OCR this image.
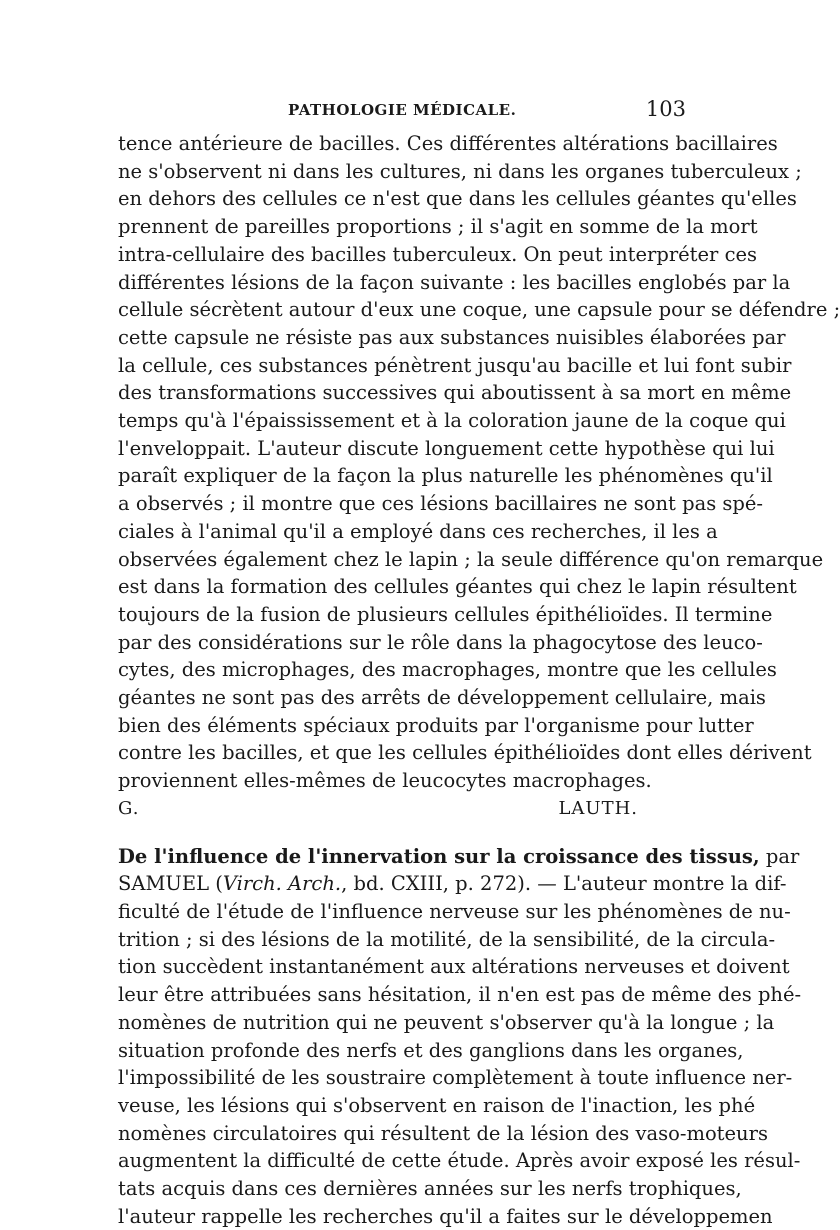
PATHOLOGIE MÉDICALE.	103
tence antérieure de bacilles. Ces différentes altérations bacillaires
ne s'observent ni dans les cultures, ni dans les organes tuberculeux ;
en dehors des cellules ce n'est que dans les cellules géantes qu'elles
prennent de pareilles proportions ; il s'agit en somme de la mort
intra-cellulaire des bacilles tuberculeux. On peut interpréter ces
différentes lésions de la façon suivante : les bacilles englobés par la
cellule sécrètent autour d'eux une coque, une capsule pour se défendre ;
cette capsule ne résiste pas aux substances nuisibles élaborées par
la cellule, ces substances pénètrent jusqu'au bacille et lui font subir
des transformations successives qui aboutissent à sa mort en même
temps qu'à l'épaississement et à la coloration jaune de la coque qui
l'enveloppait. L'auteur discute longuement cette hypothèse qui lui
paraît expliquer de la façon la plus naturelle les phénomènes qu'il
a observés ; il montre que ces lésions bacillaires ne sont pas spé-
ciales à l'animal qu'il a employé dans ces recherches, il les a
observées également chez le lapin ; la seule différence qu'on remarque
est dans la formation des cellules géantes qui chez le lapin résultent
toujours de la fusion de plusieurs cellules épithélioïdes. Il termine
par des considérations sur le rôle dans la phagocytose des leuco-
cytes, des microphages, des macrophages, montre que les cellules
géantes ne sont pas des arrêts de développement cellulaire, mais
bien des éléments spéciaux produits par l'organisme pour lutter
contre les bacilles, et que les cellules épithélioïdes dont elles dérivent
proviennent elles-mêmes de leucocytes macrophages.
G. LAUTH.
De l'influence de l'innervation sur la croissance des tissus, par
SAMUEL (Virch. Arch., bd. CXIII, p. 272). — L'auteur montre la dif-
ficulté de l'étude de l'influence nerveuse sur les phénomènes de nu-
trition ; si des lésions de la motilité, de la sensibilité, de la circula-
tion succèdent instantanément aux altérations nerveuses et doivent
leur être attribuées sans hésitation, il n'en est pas de même des phé-
nomènes de nutrition qui ne peuvent s'observer qu'à la longue ; la
situation profonde des nerfs et des ganglions dans les organes,
l'impossibilité de les soustraire complètement à toute influence ner-
veuse, les lésions qui s'observent en raison de l'inaction, les phé
nomènes circulatoires qui résultent de la lésion des vaso-moteurs
augmentent la difficulté de cette étude. Après avoir exposé les résul-
tats acquis dans ces dernières années sur les nerfs trophiques,
l'auteur rappelle les recherches qu'il a faites sur le développemen
